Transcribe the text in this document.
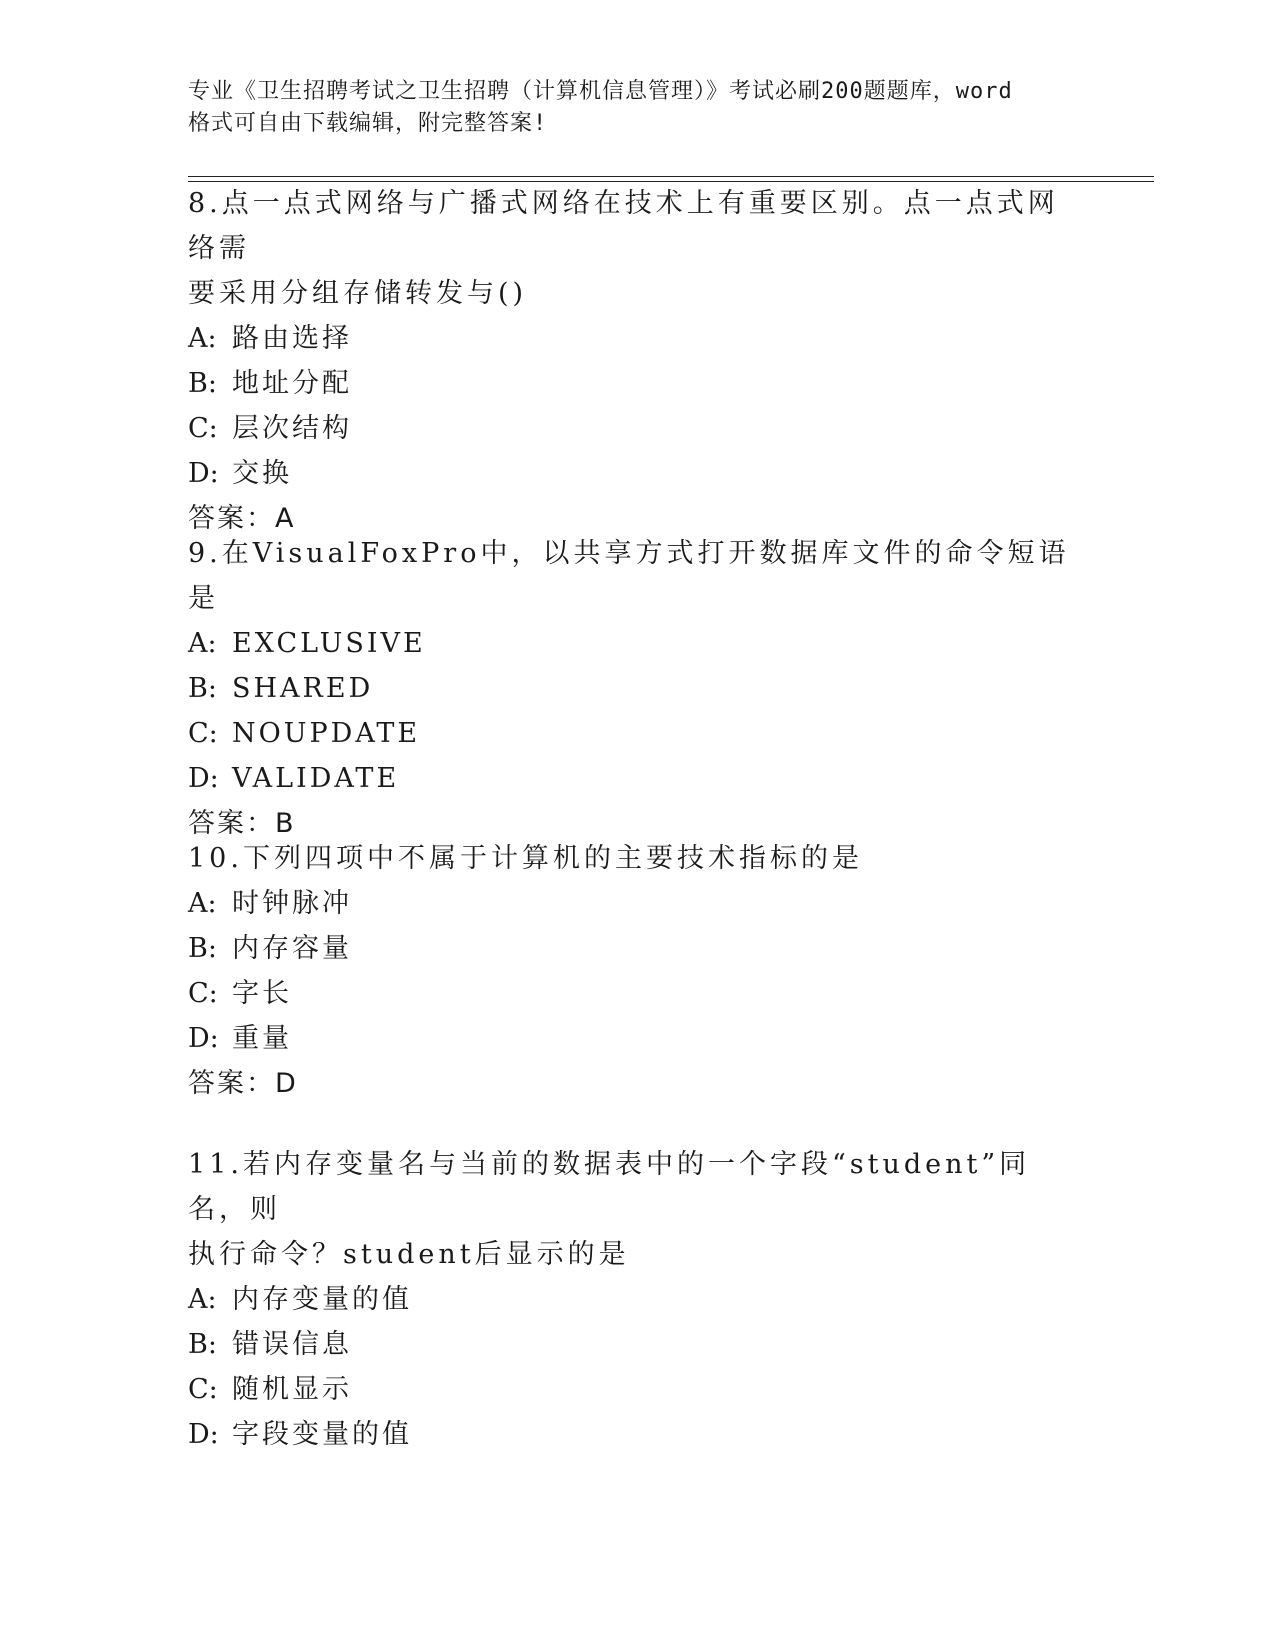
专业《卫生招聘考试之卫生招聘（计算机信息管理）》考试必刷200题题库，word
格式可自由下载编辑，附完整答案!
8.点一点式网络与广播式网络在技术上有重要区别。点一点式网络需
要采用分组存储转发与()
A: 路由选择
B: 地址分配
C: 层次结构
D: 交换
答案：A
9.在VisualFoxPro中，以共享方式打开数据库文件的命令短语是
A: EXCLUSIVE
B: SHARED
C: NOUPDATE
D: VALIDATE
答案：B
10.下列四项中不属于计算机的主要技术指标的是
A: 时钟脉冲
B: 内存容量
C: 字长
D: 重量
答案：D
11.若内存变量名与当前的数据表中的一个字段“student”同名，则
执行命令？student后显示的是
A: 内存变量的值
B: 错误信息
C: 随机显示
D: 字段变量的值
